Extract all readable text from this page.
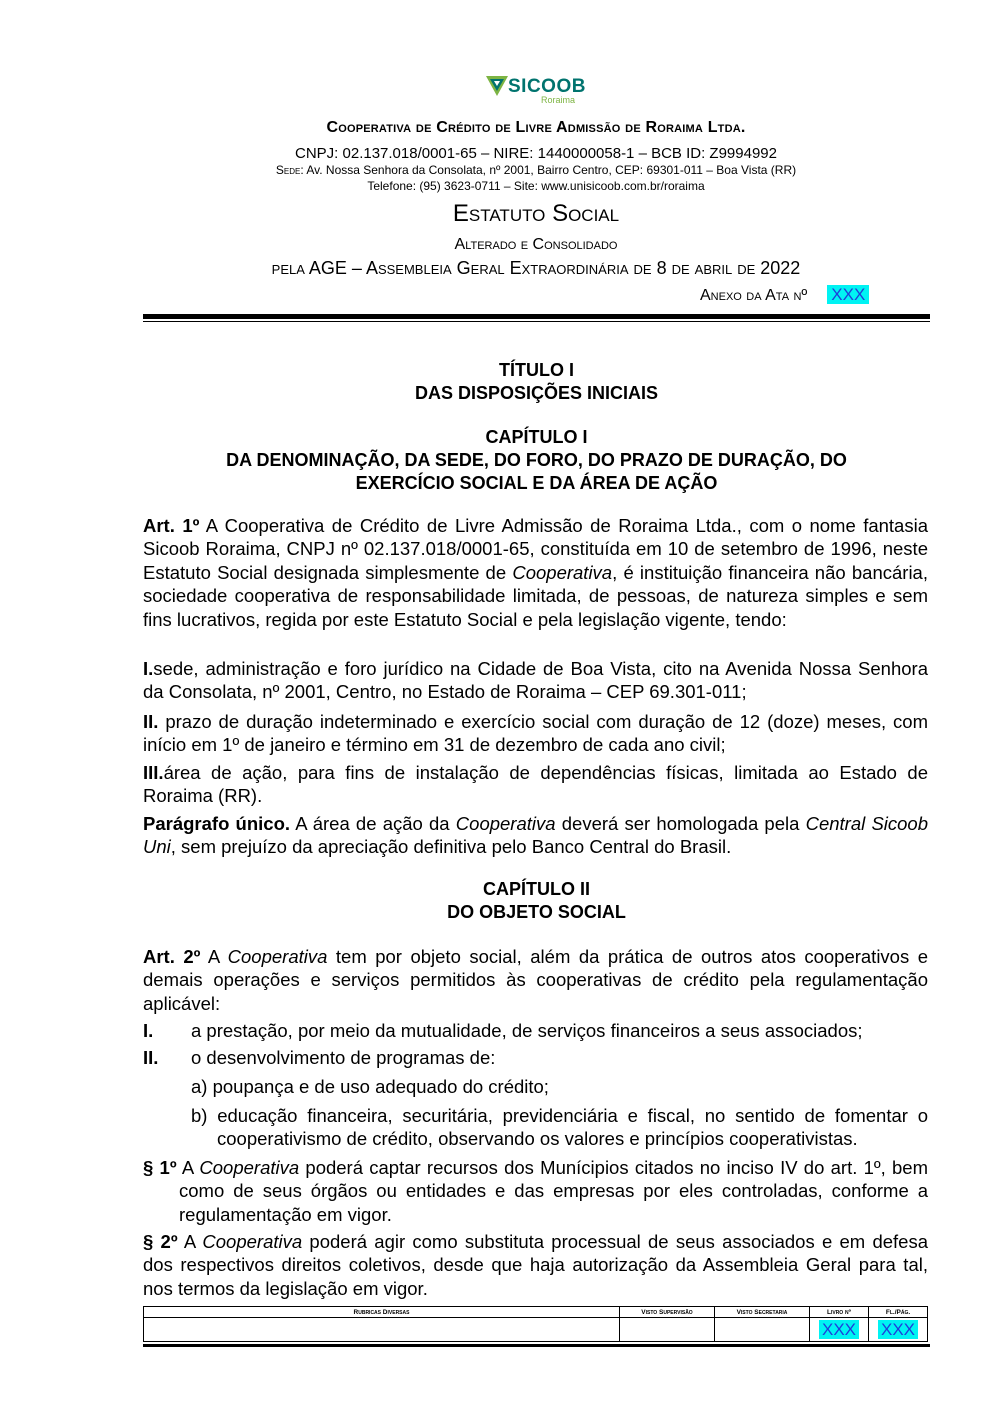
SICOOB
Roraima
Cooperativa de Crédito de Livre Admissão de Roraima Ltda.
CNPJ: 02.137.018/0001-65 – NIRE: 1440000058-1 – BCB ID: Z9994992
Sede: Av. Nossa Senhora da Consolata, nº 2001, Bairro Centro, CEP: 69301-011 – Boa Vista (RR)
Telefone: (95) 3623-0711 – Site: www.unisicoob.com.br/roraima
Estatuto Social
Alterado e Consolidado
pela AGE – Assembleia Geral Extraordinária de 8 de abril de 2022
Anexo da Ata nº XXX
TÍTULO I
DAS DISPOSIÇÕES INICIAIS
CAPÍTULO I
DA DENOMINAÇÃO, DA SEDE, DO FORO, DO PRAZO DE DURAÇÃO, DO
EXERCÍCIO SOCIAL E DA ÁREA DE AÇÃO
Art. 1º A Cooperativa de Crédito de Livre Admissão de Roraima Ltda., com o nome fantasia Sicoob Roraima, CNPJ nº 02.137.018/0001-65, constituída em 10 de setembro de 1996, neste Estatuto Social designada simplesmente de Cooperativa, é instituição financeira não bancária, sociedade cooperativa de responsabilidade limitada, de pessoas, de natureza simples e sem fins lucrativos, regida por este Estatuto Social e pela legislação vigente, tendo:
I.sede, administração e foro jurídico na Cidade de Boa Vista, cito na Avenida Nossa Senhora da Consolata, nº 2001, Centro, no Estado de Roraima – CEP 69.301-011;
II. prazo de duração indeterminado e exercício social com duração de 12 (doze) meses, com início em 1º de janeiro e término em 31 de dezembro de cada ano civil;
III.área de ação, para fins de instalação de dependências físicas, limitada ao Estado de Roraima (RR).
Parágrafo único. A área de ação da Cooperativa deverá ser homologada pela Central Sicoob Uni, sem prejuízo da apreciação definitiva pelo Banco Central do Brasil.
CAPÍTULO II
DO OBJETO SOCIAL
Art. 2º A Cooperativa tem por objeto social, além da prática de outros atos cooperativos e demais operações e serviços permitidos às cooperativas de crédito pela regulamentação aplicável:
I. a prestação, por meio da mutualidade, de serviços financeiros a seus associados;
II. o desenvolvimento de programas de:
a) poupança e de uso adequado do crédito;
b) educação financeira, securitária, previdenciária e fiscal, no sentido de fomentar o cooperativismo de crédito, observando os valores e princípios cooperativistas.
§ 1º A Cooperativa poderá captar recursos dos Munícipios citados no inciso IV do art. 1º, bem como de seus órgãos ou entidades e das empresas por eles controladas, conforme a regulamentação em vigor.
§ 2º A Cooperativa poderá agir como substituta processual de seus associados e em defesa dos respectivos direitos coletivos, desde que haja autorização da Assembleia Geral para tal, nos termos da legislação em vigor.
Rubricas Diversas	Visto Supervisão	Visto Secretaria	Livro nº	Fl./Pág.
			XXX	XXX
